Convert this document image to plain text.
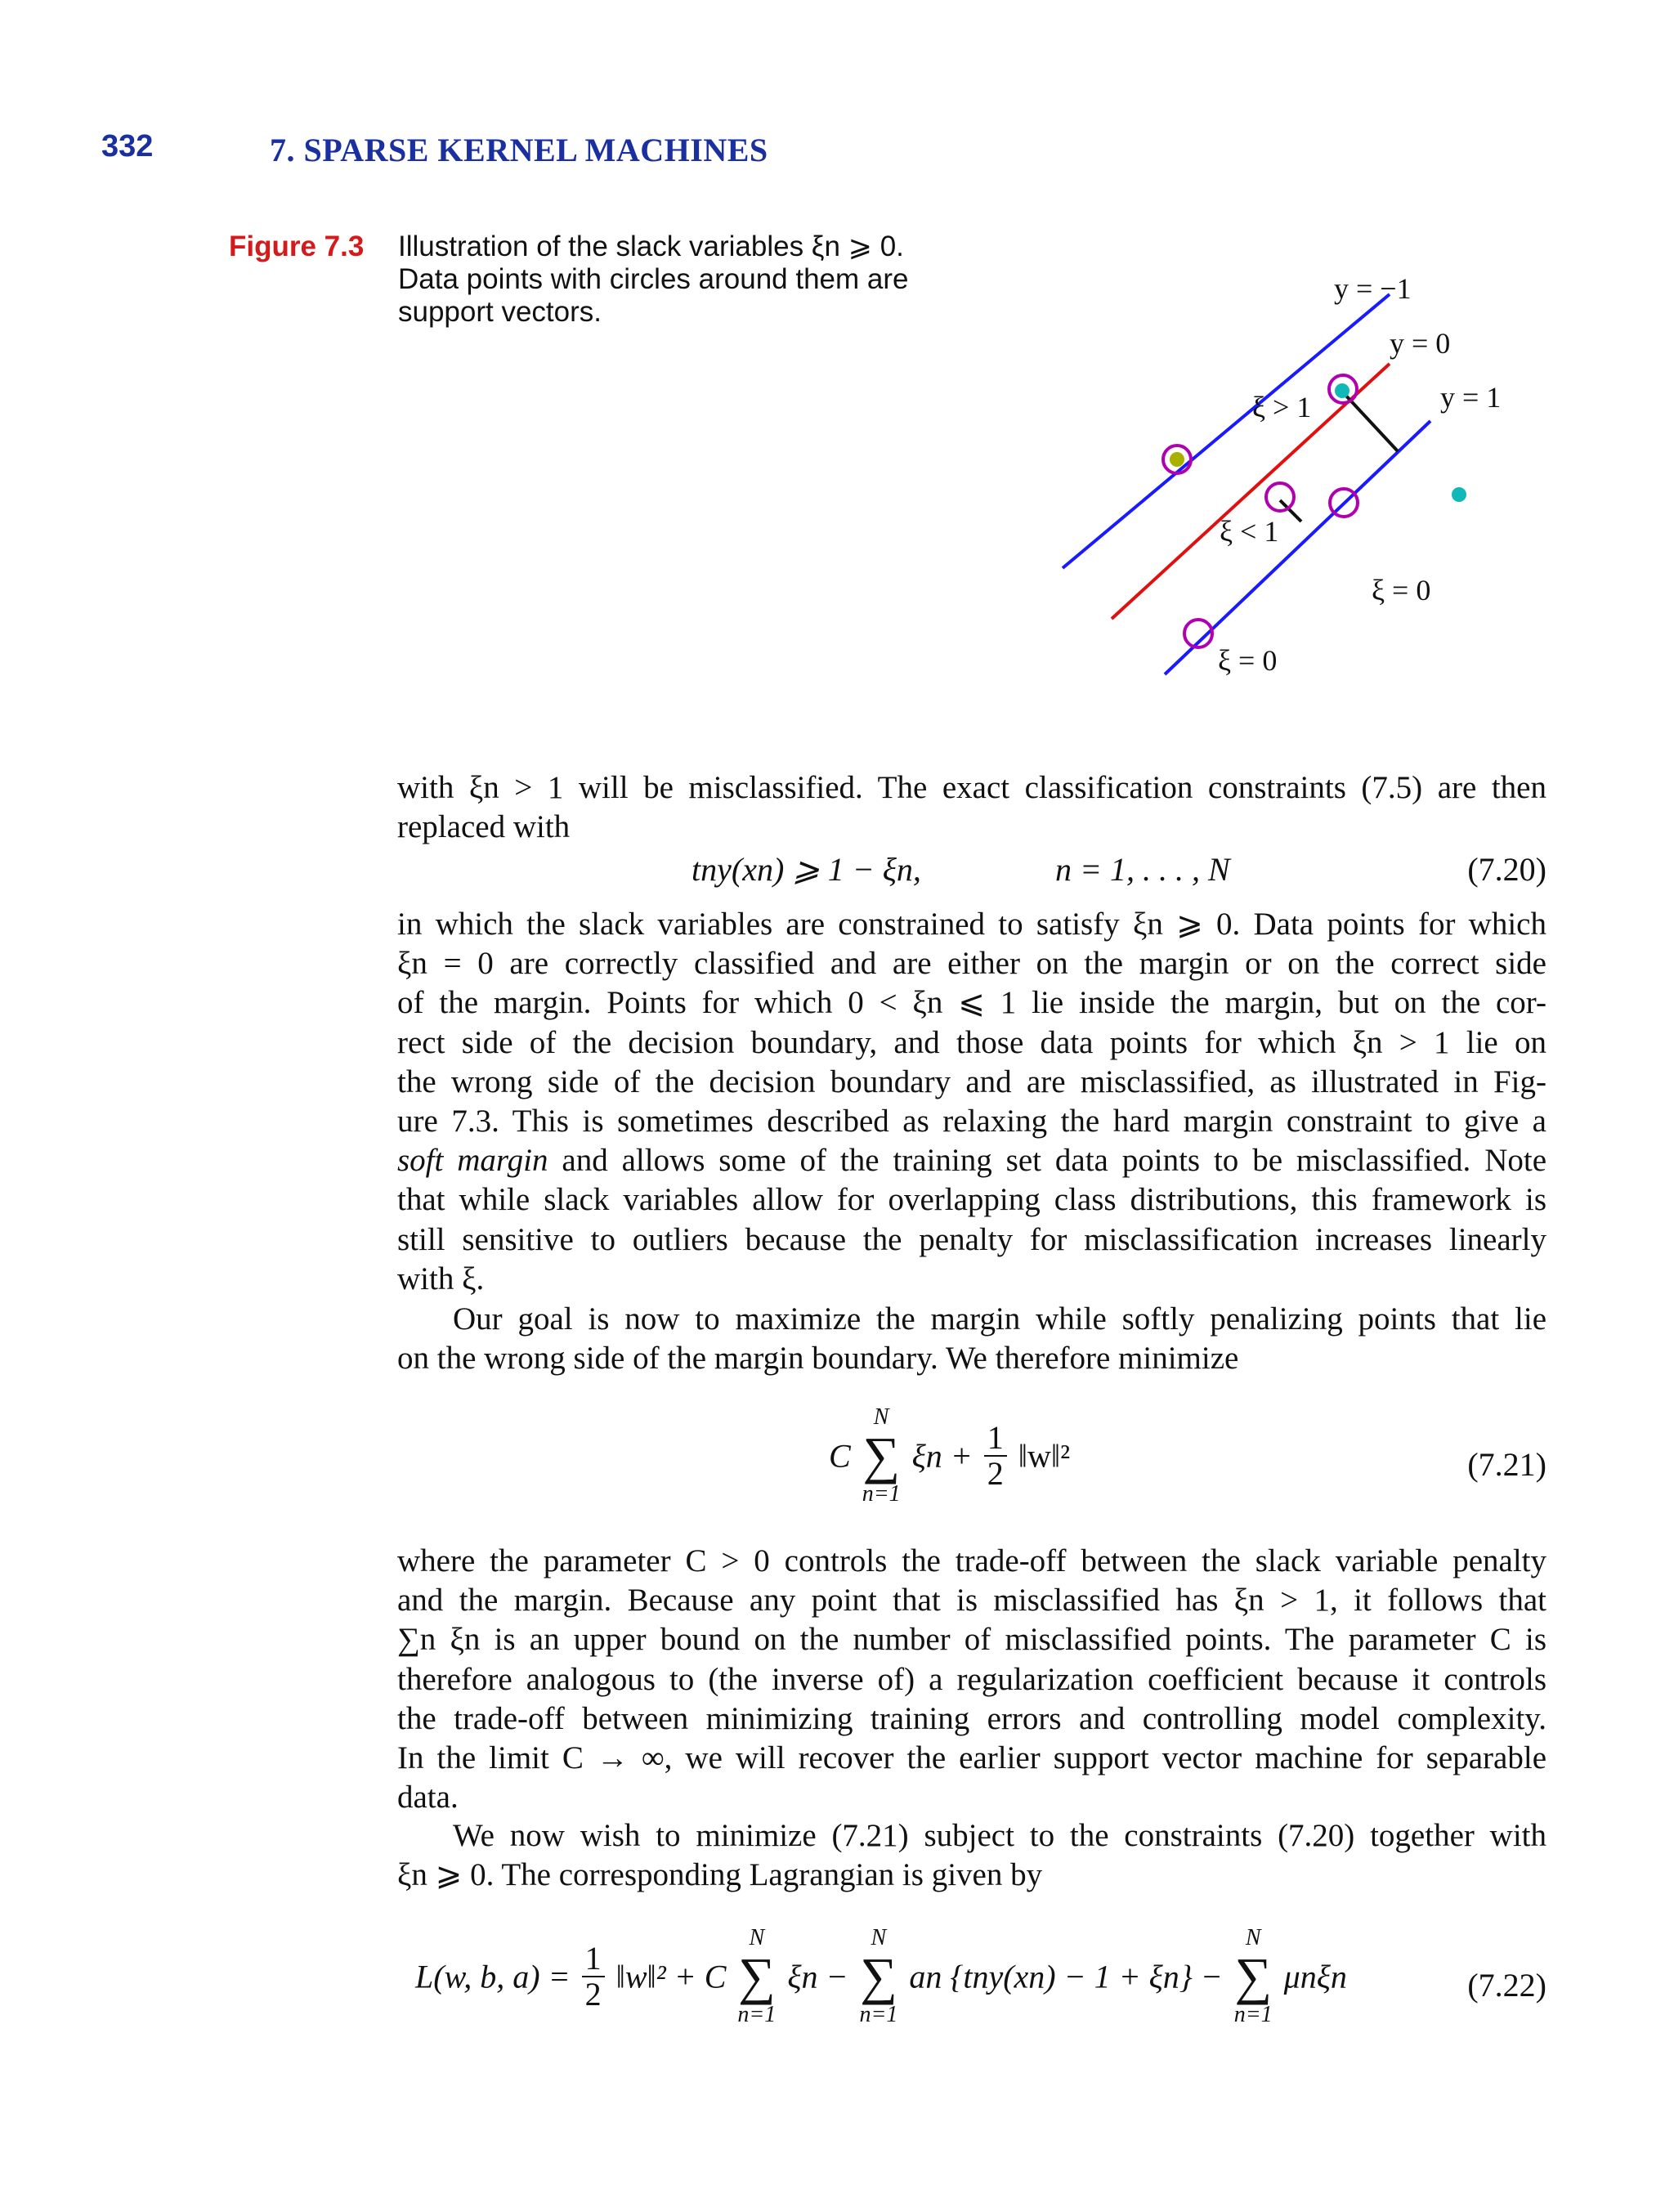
332	7. SPARSE KERNEL MACHINES
Figure 7.3 Illustration of the slack variables ξn ⩾ 0.
Data points with circles around them are
support vectors.
y = −1
y = 0
y = 1
ξ > 1
ξ < 1
ξ = 0
ξ = 0
with ξn > 1 will be misclassified. The exact classification constraints (7.5) are then
replaced with
tny(xn) ⩾ 1 − ξn,	n = 1, . . . , N	(7.20)
in which the slack variables are constrained to satisfy ξn ⩾ 0. Data points for which
ξn = 0 are correctly classified and are either on the margin or on the correct side
of the margin. Points for which 0 < ξn ⩽ 1 lie inside the margin, but on the cor-
rect side of the decision boundary, and those data points for which ξn > 1 lie on
the wrong side of the decision boundary and are misclassified, as illustrated in Fig-
ure 7.3. This is sometimes described as relaxing the hard margin constraint to give a
soft margin and allows some of the training set data points to be misclassified. Note
that while slack variables allow for overlapping class distributions, this framework is
still sensitive to outliers because the penalty for misclassification increases linearly
with ξ.
Our goal is now to maximize the margin while softly penalizing points that lie
on the wrong side of the margin boundary. We therefore minimize
C
N
∑
n=1
$\xi n + \frac{1}{2}$ ‖w‖²	(7.21)
where the parameter C > 0 controls the trade-off between the slack variable penalty
and the margin. Because any point that is misclassified has ξn > 1, it follows that
∑n ξn is an upper bound on the number of misclassified points. The parameter C is
therefore analogous to (the inverse of) a regularization coefficient because it controls
the trade-off between minimizing training errors and controlling model complexity.
In the limit C → ∞, we will recover the earlier support vector machine for separable
data.
We now wish to minimize (7.21) subject to the constraints (7.20) together with
ξn ⩾ 0. The corresponding Lagrangian is given by
L(w, b, $a) = \frac{1}{2}$ ‖w‖² + C
N
∑
n=1
ξn −
N
∑
n=1
an {tny(xn) − 1 + ξn} −
N
∑
n=1
μnξn	(7.22)
